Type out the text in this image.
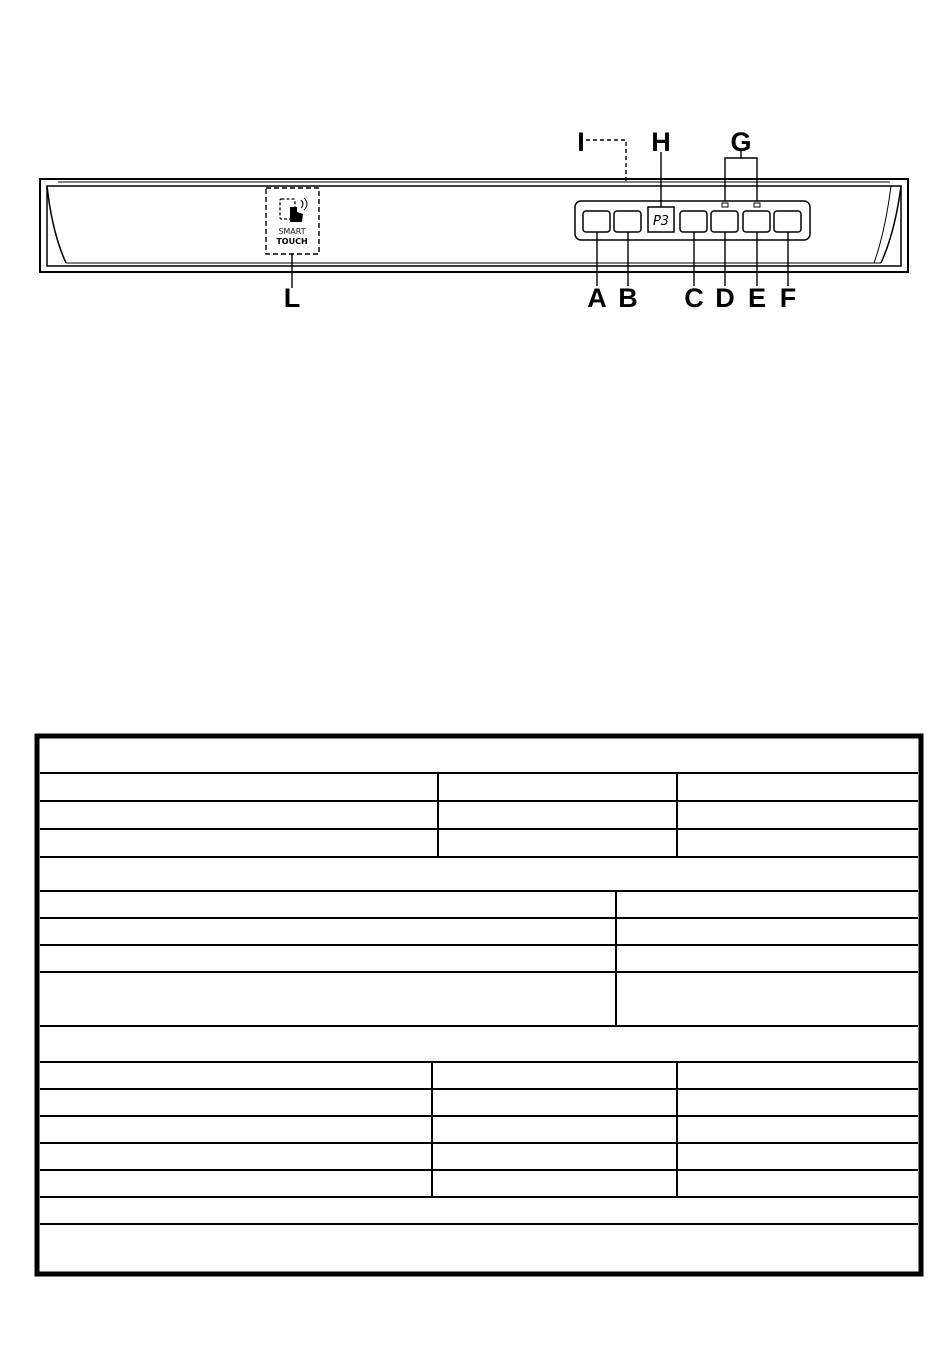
SMART
TOUCH
P3
I H G
L	A B C D E F
